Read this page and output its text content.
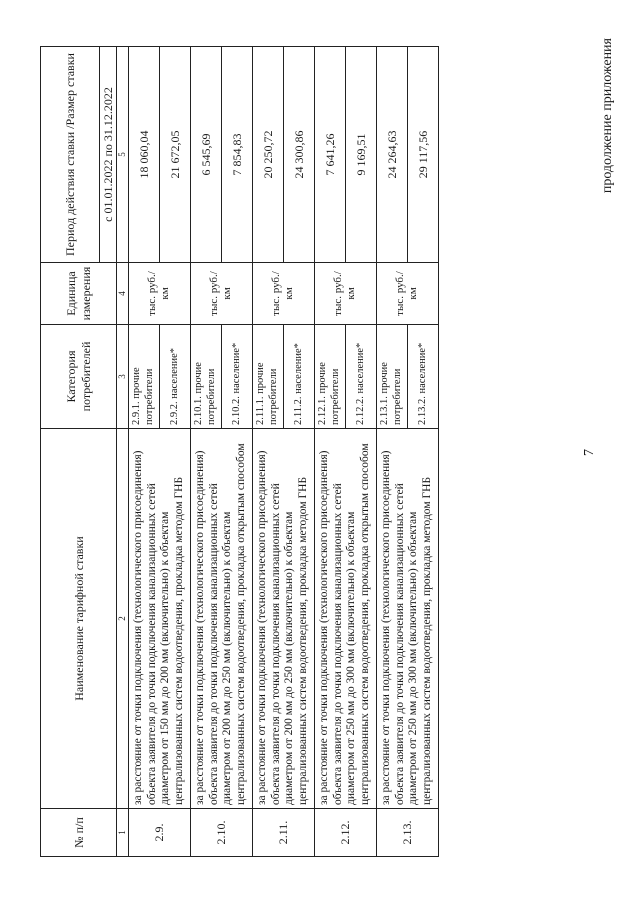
№ п/п	Наименование тарифной ставки	Категория потребителей	Единица измерения	Период действия ставки /Размер ставки
				с 01.01.2022 по 31.12.2022
1	2	3	4	5
2.9.	за расстояние от точки подключения (технологического присоединения) объекта заявителя до точки подключения канализационных сетей диаметром от 150 мм до 200 мм (включительно) к объектам централизованных систем водоотведения, прокладка методом ГНБ	2.9.1. прочие потребители	тыс. руб./км	18 060,04
		2.9.2. население*		21 672,05
2.10.	за расстояние от точки подключения (технологического присоединения) объекта заявителя до точки подключения канализационных сетей диаметром от 200 мм до 250 мм (включительно) к объектам централизованных систем водоотведения, прокладка открытым способом	2.10.1. прочие потребители	тыс. руб./км	6 545,69
		2.10.2. население*		7 854,83
2.11.	за расстояние от точки подключения (технологического присоединения) объекта заявителя до точки подключения канализационных сетей диаметром от 200 мм до 250 мм (включительно) к объектам централизованных систем водоотведения, прокладка методом ГНБ	2.11.1. прочие потребители	тыс. руб./км	20 250,72
		2.11.2. население*		24 300,86
2.12.	за расстояние от точки подключения (технологического присоединения) объекта заявителя до точки подключения канализационных сетей диаметром от 250 мм до 300 мм (включительно) к объектам централизованных систем водоотведения, прокладка открытым способом	2.12.1. прочие потребители	тыс. руб./км	7 641,26
		2.12.2. население*		9 169,51
2.13.	за расстояние от точки подключения (технологического присоединения) объекта заявителя до точки подключения канализационных сетей диаметром от 250 мм до 300 мм (включительно) к объектам централизованных систем водоотведения, прокладка методом ГНБ	2.13.1. прочие потребители	тыс. руб./км	24 264,63
		2.13.2. население*		29 117,56
7
продолжение приложения
